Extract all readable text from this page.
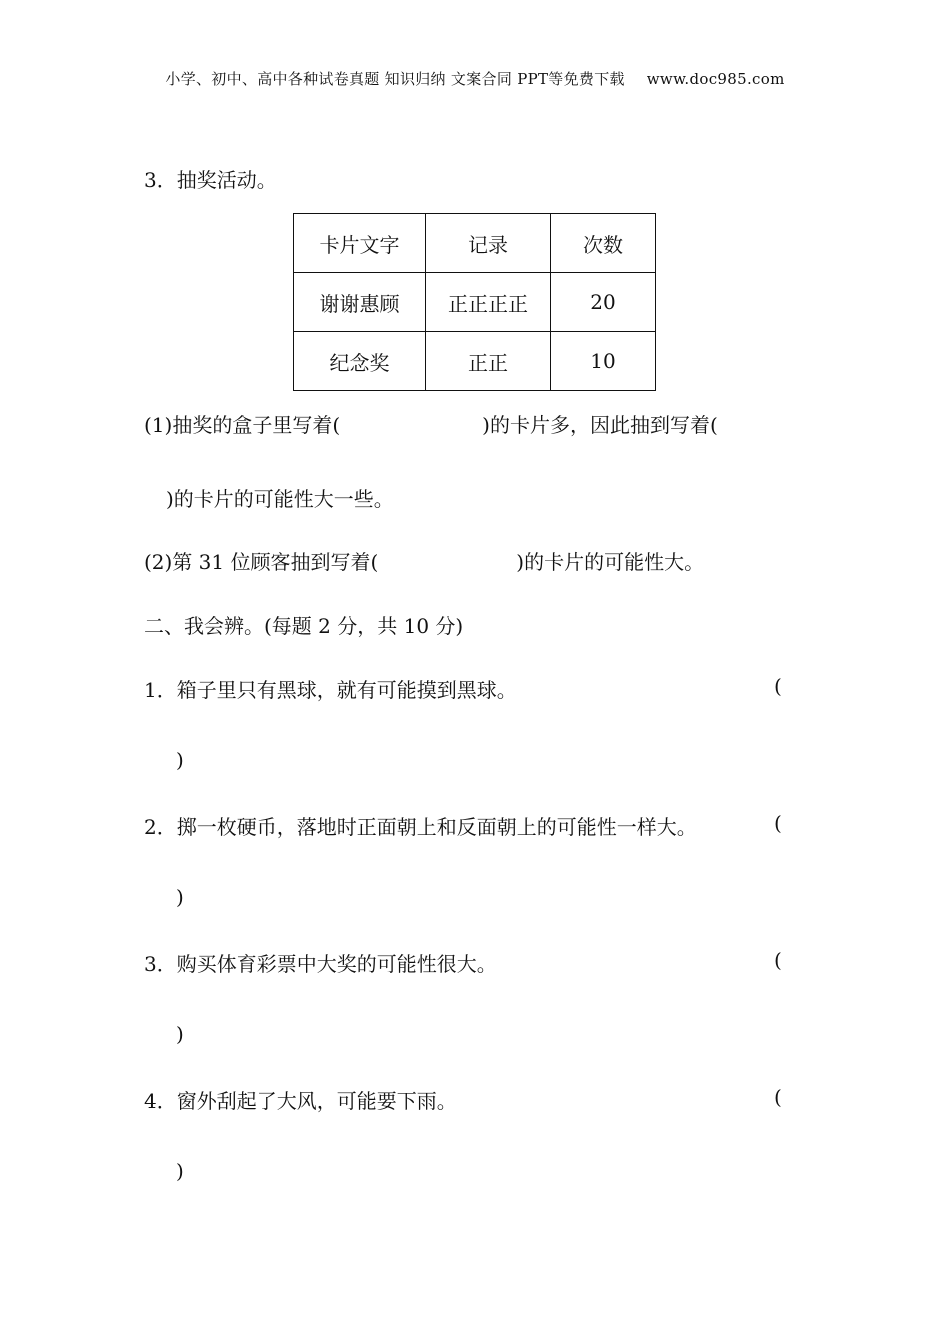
小学、初中、高中各种试卷真题 知识归纳 文案合同 PPT等免费下载 www.doc985.com
3．抽奖活动。
卡片文字	记录	次数
谢谢惠顾	正正正正	20
纪念奖	正正	10
(1)抽奖的盒子里写着(	)的卡片多，因此抽到写着(
)的卡片的可能性大一些。
(2)第 31 位顾客抽到写着(	)的卡片的可能性大。
二、我会辨。(每题 2 分，共 10 分)
1．箱子里只有黑球，就有可能摸到黑球。	(
)
2．掷一枚硬币，落地时正面朝上和反面朝上的可能性一样大。	(
)
3．购买体育彩票中大奖的可能性很大。	(
)
4．窗外刮起了大风，可能要下雨。	(
)
